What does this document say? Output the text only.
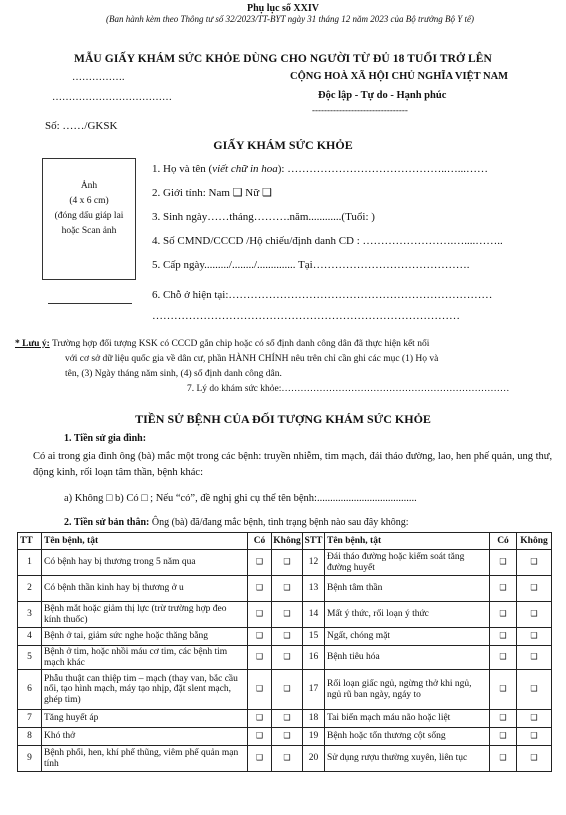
Phụ lục số XXIV
(Ban hành kèm theo Thông tư số 32/2023/TT-BYT ngày 31 tháng 12 năm 2023 của Bộ trưởng Bộ Y tế)
MẪU GIẤY KHÁM SỨC KHỎE DÙNG CHO NGƯỜI TỪ ĐỦ 18 TUỔI TRỞ LÊN
…………….
………………………………
CỘNG HOÀ XÃ HỘI CHỦ NGHĨA VIỆT NAM
Độc lập - Tự do - Hạnh phúc
--------------------------------
Số: ……/GKSK
GIẤY KHÁM SỨC KHỎE
Ảnh
(4 x 6 cm)
(đóng dấu giáp lai
hoặc Scan ảnh
1. Họ và tên (viết chữ in hoa): ……………………………………..…...……
2. Giới tính: Nam ❑ Nữ ❑
3. Sinh ngày……tháng……….năm............(Tuổi: )
4. Số CMND/CCCD /Hộ chiếu/định danh CD : …………………….…....……..
5. Cấp ngày........./......../.............. Tại…………………………………….
6. Chỗ ở hiện tại:………………………………………………………………
…………………………………………………………………………
* Lưu ý: Trường hợp đối tượng KSK có CCCD gắn chip hoặc có số định danh công dân đã thực hiện kết nối
với cơ sở dữ liệu quốc gia về dân cư, phần HÀNH CHÍNH nêu trên chỉ cần ghi các mục (1) Họ và
tên, (3) Ngày tháng năm sinh, (4) số định danh công dân.
7. Lý do khám sức khỏe:………………………………………………………………
TIỀN SỬ BỆNH CỦA ĐỐI TƯỢNG KHÁM SỨC KHỎE
1. Tiền sử gia đình:
Có ai trong gia đình ông (bà) mắc một trong các bệnh: truyền nhiễm, tim mạch, đái tháo đường, lao, hen phế quản, ung thư, động kinh, rối loạn tâm thần, bệnh khác:
a) Không □ b) Có □ ; Nếu “có”, đề nghị ghi cụ thể tên bệnh:......................................
2. Tiền sử bản thân: Ông (bà) đã/đang mắc bệnh, tình trạng bệnh nào sau đây không:
TT	Tên bệnh, tật	Có	Không	STT	Tên bệnh, tật	Có	Không
1	Có bệnh hay bị thương trong 5 năm qua	❑	❑	12	Đái tháo đường hoặc kiểm soát tăng đường huyết	❑	❑
2	Có bệnh thần kinh hay bị thương ở u	❑	❑	13	Bệnh tâm thần	❑	❑
3	Bệnh mắt hoặc giảm thị lực (trừ trường hợp đeo kính thuốc)	❑	❑	14	Mất ý thức, rối loạn ý thức	❑	❑
4	Bệnh ở tai, giảm sức nghe hoặc thăng bằng	❑	❑	15	Ngất, chóng mặt	❑	❑
5	Bệnh ở tim, hoặc nhồi máu cơ tim, các bệnh tim mạch khác	❑	❑	16	Bệnh tiêu hóa	❑	❑
6	Phẫu thuật can thiệp tim – mạch (thay van, bắc cầu nối, tạo hình mạch, máy tạo nhịp, đặt slent mạch, ghép tim)	❑	❑	17	Rối loạn giấc ngủ, ngừng thở khi ngủ, ngủ rũ ban ngày, ngáy to	❑	❑
7	Tăng huyết áp	❑	❑	18	Tai biến mạch máu não hoặc liệt	❑	❑
8	Khó thở	❑	❑	19	Bệnh hoặc tổn thương cột sống	❑	❑
9	Bệnh phổi, hen, khí phế thũng, viêm phế quản mạn tính	❑	❑	20	Sử dụng rượu thường xuyên, liên tục	❑	❑
